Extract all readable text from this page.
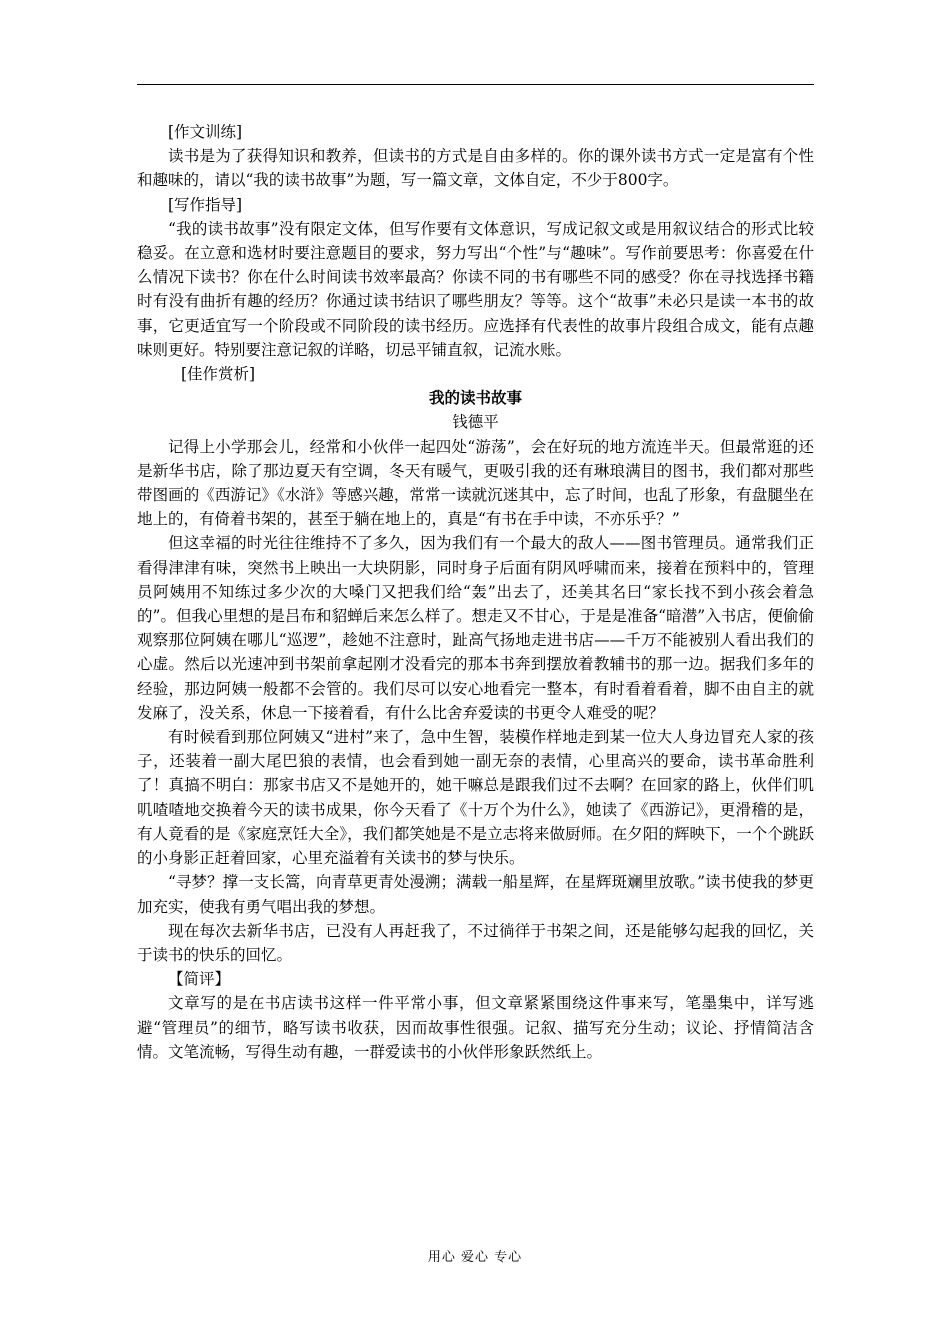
[作文训练]

读书是为了获得知识和教养，但读书的方式是自由多样的。你的课外读书方式一定是富有个性和趣味的，请以“我的读书故事”为题，写一篇文章，文体自定，不少于800字。

[写作指导]

“我的读书故事”没有限定文体，但写作要有文体意识，写成记叙文或是用叙议结合的形式比较稳妥。在立意和选材时要注意题目的要求，努力写出“个性”与“趣味”。写作前要思考：你喜爱在什么情况下读书？你在什么时间读书效率最高？你读不同的书有哪些不同的感受？你在寻找选择书籍时有没有曲折有趣的经历？你通过读书结识了哪些朋友？等等。这个“故事”未必只是读一本书的故事，它更适宜写一个阶段或不同阶段的读书经历。应选择有代表性的故事片段组合成文，能有点趣味则更好。特别要注意记叙的详略，切忌平铺直叙，记流水账。

[佳作赏析]

我的读书故事

钱德平

记得上小学那会儿，经常和小伙伴一起四处“游荡”，会在好玩的地方流连半天。但最常逛的还是新华书店，除了那边夏天有空调，冬天有暖气，更吸引我的还有琳琅满目的图书，我们都对那些带图画的《西游记》《水浒》等感兴趣，常常一读就沉迷其中，忘了时间，也乱了形象，有盘腿坐在地上的，有倚着书架的，甚至于躺在地上的，真是“有书在手中读，不亦乐乎？”

但这幸福的时光往往维持不了多久，因为我们有一个最大的敌人——图书管理员。通常我们正看得津津有味，突然书上映出一大块阴影，同时身子后面有阴风呼啸而来，接着在预料中的，管理员阿姨用不知练过多少次的大嗓门又把我们给“轰”出去了，还美其名曰“家长找不到小孩会着急的”。但我心里想的是吕布和貂蝉后来怎么样了。想走又不甘心，于是是准备“暗潜”入书店，便偷偷观察那位阿姨在哪儿“巡逻”，趁她不注意时，趾高气扬地走进书店——千万不能被别人看出我们的心虚。然后以光速冲到书架前拿起刚才没看完的那本书奔到摆放着教辅书的那一边。据我们多年的经验，那边阿姨一般都不会管的。我们尽可以安心地看完一整本，有时看着看着，脚不由自主的就发麻了，没关系，休息一下接着看，有什么比舍弃爱读的书更令人难受的呢？

有时候看到那位阿姨又“进村”来了，急中生智，装模作样地走到某一位大人身边冒充人家的孩子，还装着一副大尾巴狼的表情，也会看到她一副无奈的表情，心里高兴的要命，读书革命胜利了！真搞不明白：那家书店又不是她开的，她干嘛总是跟我们过不去啊？在回家的路上，伙伴们叽叽喳喳地交换着今天的读书成果，你今天看了《十万个为什么》，她读了《西游记》，更滑稽的是，有人竟看的是《家庭烹饪大全》，我们都笑她是不是立志将来做厨师。在夕阳的辉映下，一个个跳跃的小身影正赶着回家，心里充溢着有关读书的梦与快乐。

“寻梦？撑一支长篙，向青草更青处漫溯；满载一船星辉，在星辉斑斓里放歌。”读书使我的梦更加充实，使我有勇气唱出我的梦想。

现在每次去新华书店，已没有人再赶我了，不过徜徉于书架之间，还是能够勾起我的回忆，关于读书的快乐的回忆。

【简评】

文章写的是在书店读书这样一件平常小事，但文章紧紧围绕这件事来写，笔墨集中，详写逃避“管理员”的细节，略写读书收获，因而故事性很强。记叙、描写充分生动；议论、抒情简洁含情。文笔流畅，写得生动有趣，一群爱读书的小伙伴形象跃然纸上。

用心 爱心 专心
